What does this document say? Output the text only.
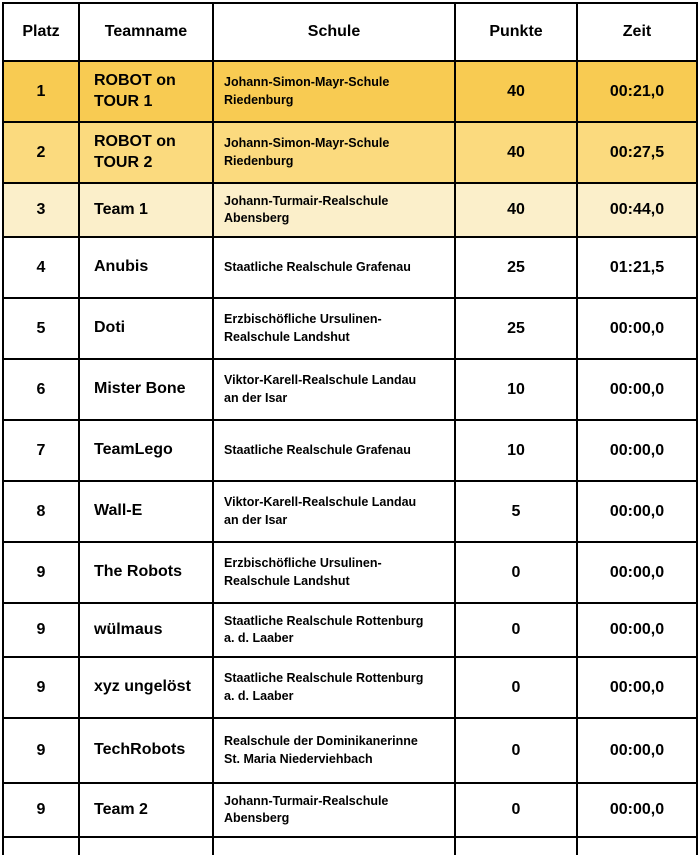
Platz	Teamname	Schule	Punkte	Zeit
1	ROBOT on TOUR 1	Johann-Simon-Mayr-Schule Riedenburg	40	00:21,0
2	ROBOT on TOUR 2	Johann-Simon-Mayr-Schule Riedenburg	40	00:27,5
3	Team 1	Johann-Turmair-Realschule Abensberg	40	00:44,0
4	Anubis	Staatliche Realschule Grafenau	25	01:21,5
5	Doti	Erzbischöfliche Ursulinen-Realschule Landshut	25	00:00,0
6	Mister Bone	Viktor-Karell-Realschule Landau an der Isar	10	00:00,0
7	TeamLego	Staatliche Realschule Grafenau	10	00:00,0
8	Wall-E	Viktor-Karell-Realschule Landau an der Isar	5	00:00,0
9	The Robots	Erzbischöfliche Ursulinen-Realschule Landshut	0	00:00,0
9	wülmaus	Staatliche Realschule Rottenburg a. d. Laaber	0	00:00,0
9	xyz ungelöst	Staatliche Realschule Rottenburg a. d. Laaber	0	00:00,0
9	TechRobots	Realschule der Dominikanerinne St. Maria Niederviehbach	0	00:00,0
9	Team 2	Johann-Turmair-Realschule Abensberg	0	00:00,0
